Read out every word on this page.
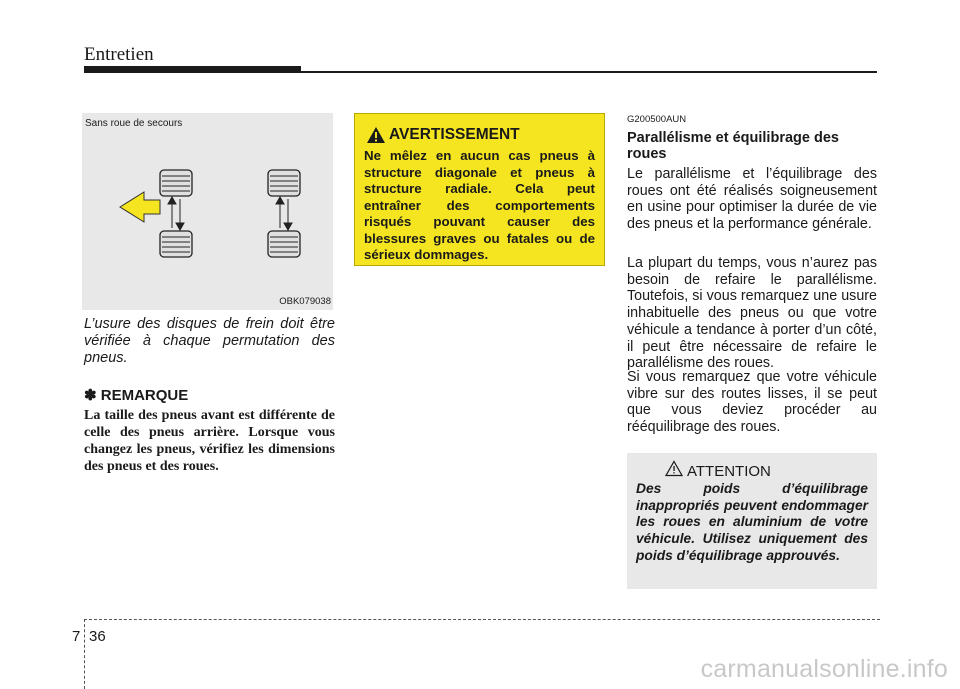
Entretien
Sans roue de secours
OBK079038
L’usure des disques de frein doit être vérifiée à chaque permutation des pneus.
✽ REMARQUE
La taille des pneus avant est différente de celle des pneus arrière. Lorsque vous changez les pneus, vérifiez les dimensions des pneus et des roues.
AVERTISSEMENT
Ne mêlez en aucun cas pneus à structure diagonale et pneus à structure radiale. Cela peut entraîner des comportements risqués pouvant causer des blessures graves ou fatales ou de sérieux dommages.
G200500AUN
Parallélisme et équilibrage des roues
Le parallélisme et l’équilibrage des roues ont été réalisés soigneusement en usine pour optimiser la durée de vie des pneus et la performance générale.
La plupart du temps, vous n’aurez pas besoin de refaire le parallélisme. Toutefois, si vous remarquez une usure inhabituelle des pneus ou que votre véhicule a tendance à porter d’un côté, il peut être nécessaire de refaire le parallélisme des roues.
Si vous remarquez que votre véhicule vibre sur des routes lisses, il se peut que vous deviez procéder au rééquilibrage des roues.
ATTENTION
Des poids d’équilibrage inappropriés peuvent endommager les roues en aluminium de votre véhicule. Utilisez uniquement des poids d’équilibrage approuvés.
7 36
carmanualsonline.info
